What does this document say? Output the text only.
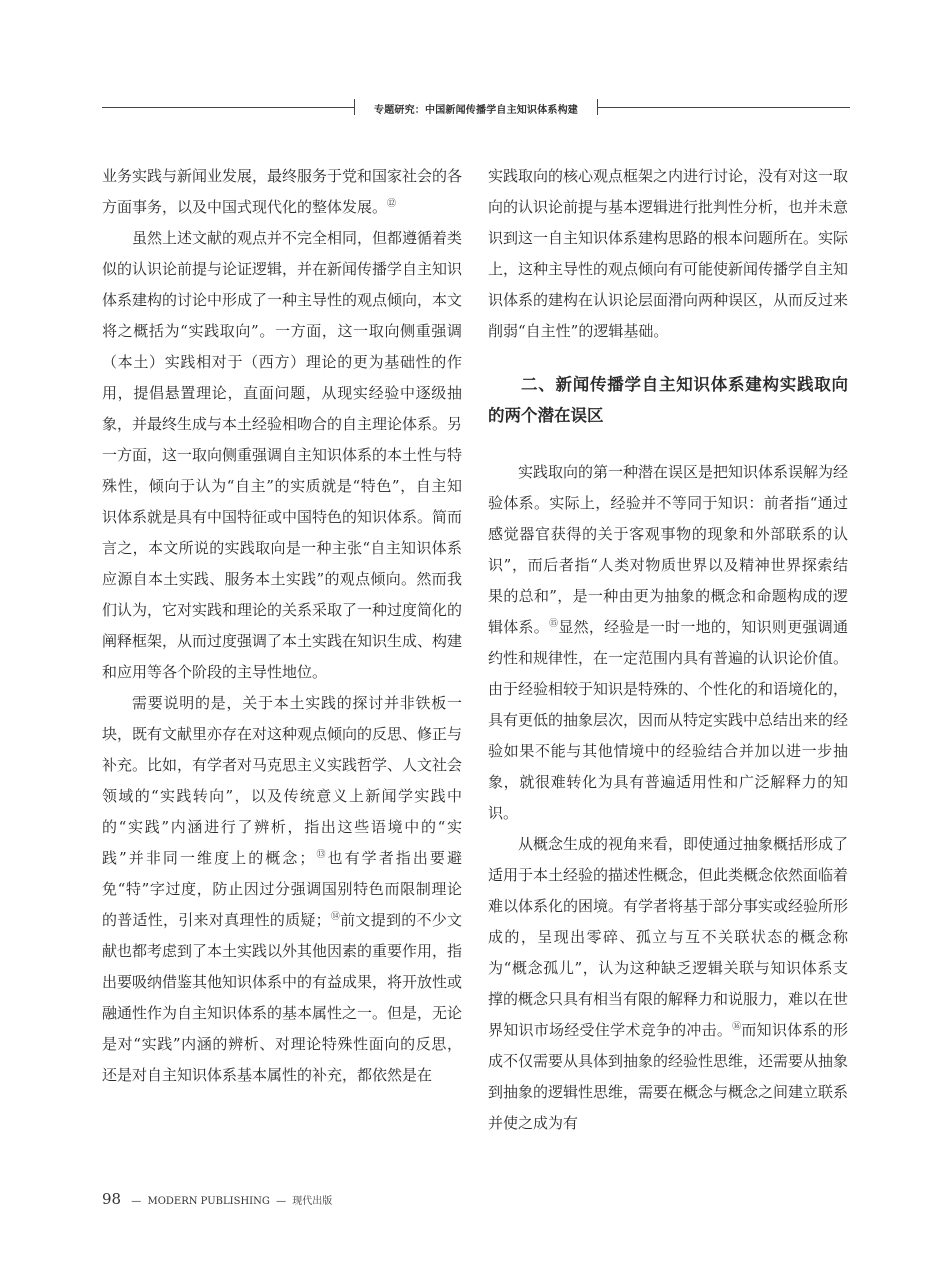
专题研究：中国新闻传播学自主知识体系构建

业务实践与新闻业发展，最终服务于党和国家社会的各方面事务，以及中国式现代化的整体发展。⑫

虽然上述文献的观点并不完全相同，但都遵循着类似的认识论前提与论证逻辑，并在新闻传播学自主知识体系建构的讨论中形成了一种主导性的观点倾向，本文将之概括为“实践取向”。一方面，这一取向侧重强调（本土）实践相对于（西方）理论的更为基础性的作用，提倡悬置理论，直面问题，从现实经验中逐级抽象，并最终生成与本土经验相吻合的自主理论体系。另一方面，这一取向侧重强调自主知识体系的本土性与特殊性，倾向于认为“自主”的实质就是“特色”，自主知识体系就是具有中国特征或中国特色的知识体系。简而言之，本文所说的实践取向是一种主张“自主知识体系应源自本土实践、服务本土实践”的观点倾向。然而我们认为，它对实践和理论的关系采取了一种过度简化的阐释框架，从而过度强调了本土实践在知识生成、构建和应用等各个阶段的主导性地位。

需要说明的是，关于本土实践的探讨并非铁板一块，既有文献里亦存在对这种观点倾向的反思、修正与补充。比如，有学者对马克思主义实践哲学、人文社会领域的“实践转向”，以及传统意义上新闻学实践中的“实践”内涵进行了辨析，指出这些语境中的“实践”并非同一维度上的概念；⑬也有学者指出要避免“特”字过度，防止因过分强调国别特色而限制理论的普适性，引来对真理性的质疑；⑭前文提到的不少文献也都考虑到了本土实践以外其他因素的重要作用，指出要吸纳借鉴其他知识体系中的有益成果，将开放性或融通性作为自主知识体系的基本属性之一。但是，无论是对“实践”内涵的辨析、对理论特殊性面向的反思，还是对自主知识体系基本属性的补充，都依然是在

实践取向的核心观点框架之内进行讨论，没有对这一取向的认识论前提与基本逻辑进行批判性分析，也并未意识到这一自主知识体系建构思路的根本问题所在。实际上，这种主导性的观点倾向有可能使新闻传播学自主知识体系的建构在认识论层面滑向两种误区，从而反过来削弱“自主性”的逻辑基础。

二、新闻传播学自主知识体系建构实践取向的两个潜在误区

实践取向的第一种潜在误区是把知识体系误解为经验体系。实际上，经验并不等同于知识：前者指“通过感觉器官获得的关于客观事物的现象和外部联系的认识”，而后者指“人类对物质世界以及精神世界探索结果的总和”，是一种由更为抽象的概念和命题构成的逻辑体系。⑮显然，经验是一时一地的，知识则更强调通约性和规律性，在一定范围内具有普遍的认识论价值。由于经验相较于知识是特殊的、个性化的和语境化的，具有更低的抽象层次，因而从特定实践中总结出来的经验如果不能与其他情境中的经验结合并加以进一步抽象，就很难转化为具有普遍适用性和广泛解释力的知识。

从概念生成的视角来看，即使通过抽象概括形成了适用于本土经验的描述性概念，但此类概念依然面临着难以体系化的困境。有学者将基于部分事实或经验所形成的，呈现出零碎、孤立与互不关联状态的概念称为“概念孤儿”，认为这种缺乏逻辑关联与知识体系支撑的概念只具有相当有限的解释力和说服力，难以在世界知识市场经受住学术竞争的冲击。⑯而知识体系的形成不仅需要从具体到抽象的经验性思维，还需要从抽象到抽象的逻辑性思维，需要在概念与概念之间建立联系并使之成为有

98 — MODERN PUBLISHING — 现代出版
